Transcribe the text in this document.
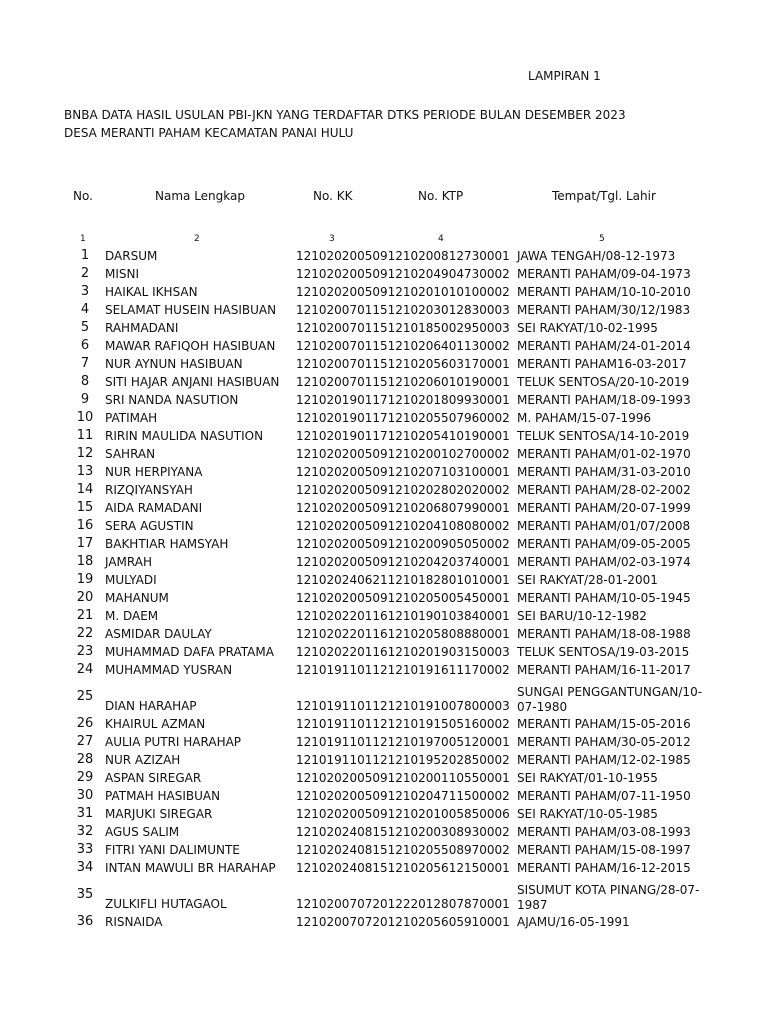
LAMPIRAN 1
BNBA DATA HASIL USULAN PBI-JKN YANG TERDAFTAR DTKS PERIODE BULAN DESEMBER 2023
DESA MERANTI PAHAM KECAMATAN PANAI HULU
No.	Nama Lengkap	No. KK	No. KTP	Tempat/Tgl. Lahir
1	2	3	4	5
1	DARSUM	1210202005091210200812730001	JAWA TENGAH/08-12-1973
2	MISNI	1210202005091210204904730002	MERANTI PAHAM/09-04-1973
3	HAIKAL IKHSAN	1210202005091210201010100002	MERANTI PAHAM/10-10-2010
4	SELAMAT HUSEIN HASIBUAN	1210200701151210203012830003	MERANTI PAHAM/30/12/1983
5	RAHMADANI	1210200701151210185002950003	SEI RAKYAT/10-02-1995
6	MAWAR RAFIQOH HASIBUAN	1210200701151210206401130002	MERANTI PAHAM/24-01-2014
7	NUR AYNUN HASIBUAN	1210200701151210205603170001	MERANTI PAHAM16-03-2017
8	SITI HAJAR ANJANI HASIBUAN	1210200701151210206010190001	TELUK SENTOSA/20-10-2019
9	SRI NANDA NASUTION	1210201901171210201809930001	MERANTI PAHAM/18-09-1993
10	PATIMAH	1210201901171210205507960002	M. PAHAM/15-07-1996
11	RIRIN MAULIDA NASUTION	1210201901171210205410190001	TELUK SENTOSA/14-10-2019
12	SAHRAN	1210202005091210200102700002	MERANTI PAHAM/01-02-1970
13	NUR HERPIYANA	1210202005091210207103100001	MERANTI PAHAM/31-03-2010
14	RIZQIYANSYAH	1210202005091210202802020002	MERANTI PAHAM/28-02-2002
15	AIDA RAMADANI	1210202005091210206807990001	MERANTI PAHAM/20-07-1999
16	SERA AGUSTIN	1210202005091210204108080002	MERANTI PAHAM/01/07/2008
17	BAKHTIAR HAMSYAH	1210202005091210200905050002	MERANTI PAHAM/09-05-2005
18	JAMRAH	1210202005091210204203740001	MERANTI PAHAM/02-03-1974
19	MULYADI	1210202406211210182801010001	SEI RAKYAT/28-01-2001
20	MAHANUM	1210202005091210205005450001	MERANTI PAHAM/10-05-1945
21	M. DAEM	1210202201161210190103840001	SEI BARU/10-12-1982
22	ASMIDAR DAULAY	1210202201161210205808880001	MERANTI PAHAM/18-08-1988
23	MUHAMMAD DAFA PRATAMA	1210202201161210201903150003	TELUK SENTOSA/19-03-2015
24	MUHAMMAD YUSRAN	1210191101121210191611170002	MERANTI PAHAM/16-11-2017
25	DIAN HARAHAP	1210191101121210191007800003	SUNGAI PENGGANTUNGAN/10-07-1980
26	KHAIRUL AZMAN	1210191101121210191505160002	MERANTI PAHAM/15-05-2016
27	AULIA PUTRI HARAHAP	1210191101121210197005120001	MERANTI PAHAM/30-05-2012
28	NUR AZIZAH	1210191101121210195202850002	MERANTI PAHAM/12-02-1985
29	ASPAN SIREGAR	1210202005091210200110550001	SEI RAKYAT/01-10-1955
30	PATMAH HASIBUAN	1210202005091210204711500002	MERANTI PAHAM/07-11-1950
31	MARJUKI SIREGAR	1210202005091210201005850006	SEI RAKYAT/10-05-1985
32	AGUS SALIM	1210202408151210200308930002	MERANTI PAHAM/03-08-1993
33	FITRI YANI DALIMUNTE	1210202408151210205508970002	MERANTI PAHAM/15-08-1997
34	INTAN MAWULI BR HARAHAP	1210202408151210205612150001	MERANTI PAHAM/16-12-2015
35	ZULKIFLI HUTAGAOL	1210200707201222012807870001	SISUMUT KOTA PINANG/28-07-1987
36	RISNAIDA	1210200707201210205605910001	AJAMU/16-05-1991
